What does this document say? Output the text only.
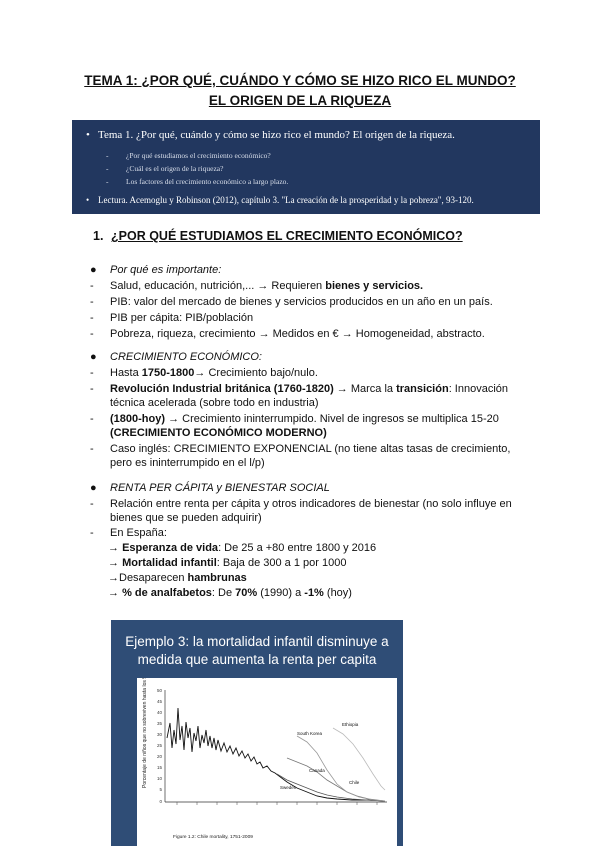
TEMA 1: ¿POR QUÉ, CUÁNDO Y CÓMO SE HIZO RICO EL MUNDO?
EL ORIGEN DE LA RIQUEZA
• Tema 1. ¿Por qué, cuándo y cómo se hizo rico el mundo? El origen de la riqueza.
- ¿Por qué estudiamos el crecimiento económico?
- ¿Cuál es el origen de la riqueza?
- Los factores del crecimiento económico a largo plazo.
• Lectura. Acemoglu y Robinson (2012), capítulo 3. "La creación de la prosperidad y la pobreza", 93-120.
1. ¿POR QUÉ ESTUDIAMOS EL CRECIMIENTO ECONÓMICO?
● Por qué es importante:
- Salud, educación, nutrición,... → Requieren bienes y servicios.
- PIB: valor del mercado de bienes y servicios producidos en un año en un país.
- PIB per cápita: PIB/población
- Pobreza, riqueza, crecimiento → Medidos en € → Homogeneidad, abstracto.
● CRECIMIENTO ECONÓMICO:
- Hasta 1750-1800→ Crecimiento bajo/nulo.
- Revolución Industrial británica (1760-1820) → Marca la transición: Innovación
técnica acelerada (sobre todo en industria)
- (1800-hoy) → Crecimiento ininterrumpido. Nivel de ingresos se multiplica 15-20
(CRECIMIENTO ECONÓMICO MODERNO)
- Caso inglés: CRECIMIENTO EXPONENCIAL (no tiene altas tasas de crecimiento,
pero es ininterrumpido en el l/p)
● RENTA PER CÁPITA y BIENESTAR SOCIAL
- Relación entre renta per cápita y otros indicadores de bienestar (no solo influye en
bienes que se pueden adquirir)
- En España:
→ Esperanza de vida: De 25 a +80 entre 1800 y 2016
→ Mortalidad infantil: Baja de 300 a 1 por 1000
→Desaparecen hambrunas
→ % de analfabetos: De 70% (1990) a -1% (hoy)
Ejemplo 3: la mortalidad infantil disminuye a
medida que aumenta la renta per capita
Porcentaje de niños que no sobreviven hasta los 5 años de edad 50
45
40
35
30
25
20
15
10
5
0
South Korea
Ethiopia
Canada
Chile
Sweden
Figure 1.2: Chile mortality, 1751-2009
